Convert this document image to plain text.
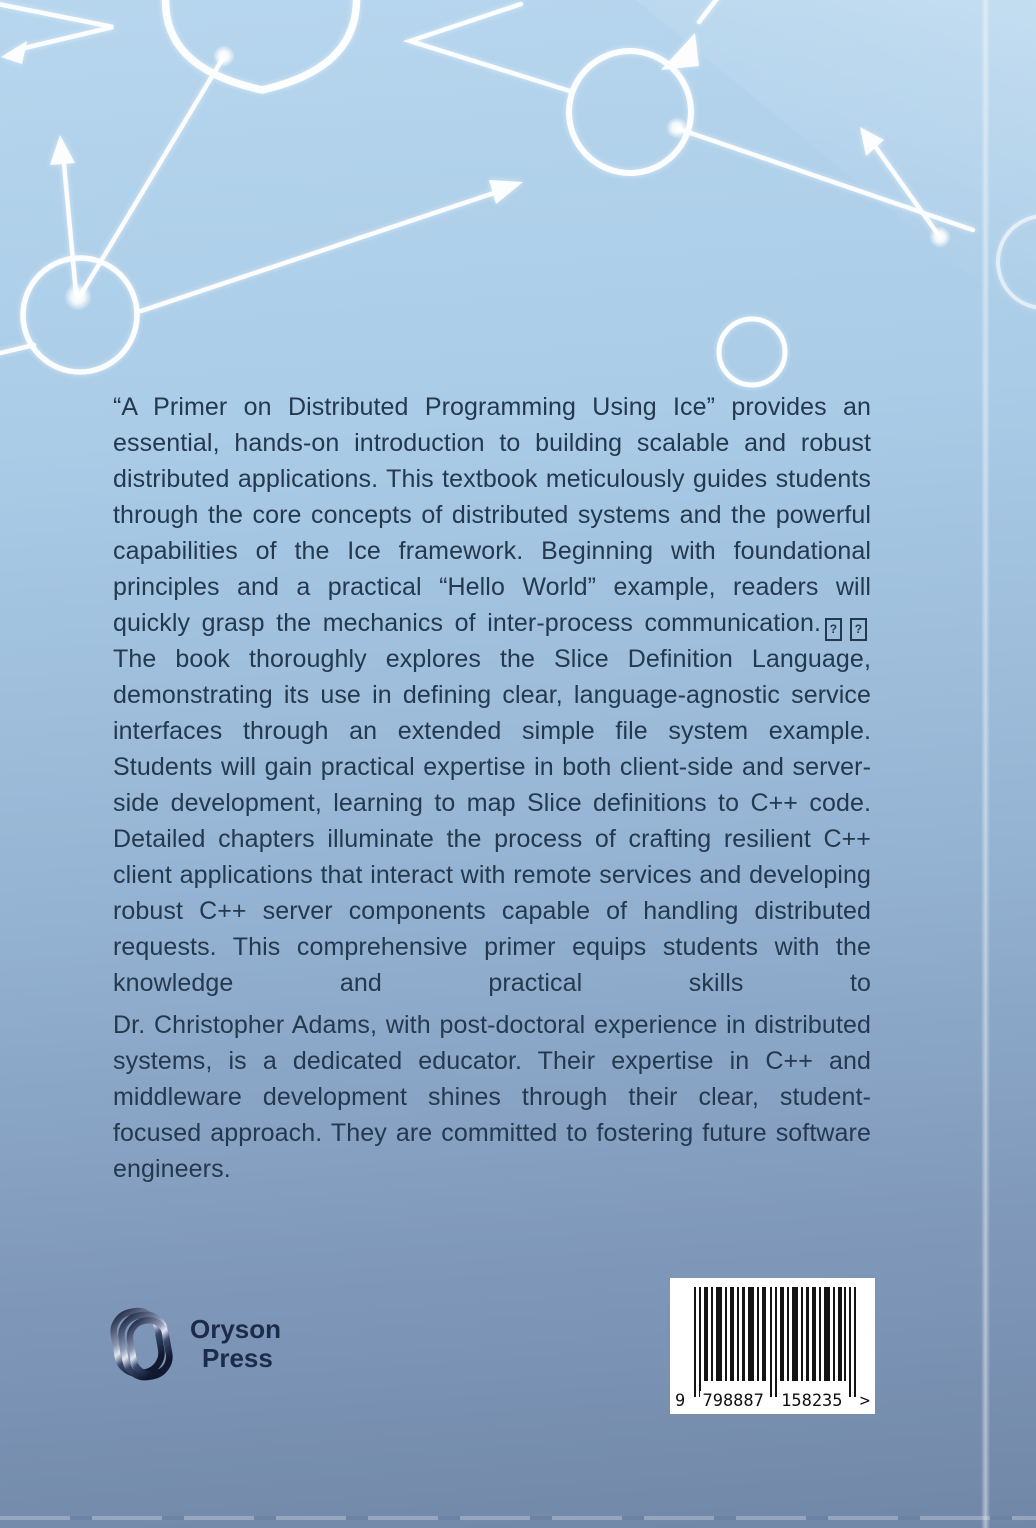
“A Primer on Distributed Programming Using Ice” provides an essential, hands-on introduction to building scalable and robust distributed applications. This textbook meticulously guides students through the core concepts of distributed systems and the powerful capabilities of the Ice framework. Beginning with foundational principles and a practical “Hello World” example, readers will quickly grasp the mechanics of inter-process communication. ? ? The book thoroughly explores the Slice Definition Language, demonstrating its use in defining clear, language-agnostic service interfaces through an extended simple file system example. Students will gain practical expertise in both client-side and server-side development, learning to map Slice definitions to C++ code. Detailed chapters illuminate the process of crafting resilient C++ client applications that interact with remote services and developing robust C++ server components capable of handling distributed requests. This comprehensive primer equips students with the knowledge and practical skills to

Dr. Christopher Adams, with post-doctoral experience in distributed systems, is a dedicated educator. Their expertise in C++ and middleware development shines through their clear, student-focused approach. They are committed to fostering future software engineers.

Oryson
Press
9 798887 158235 >
